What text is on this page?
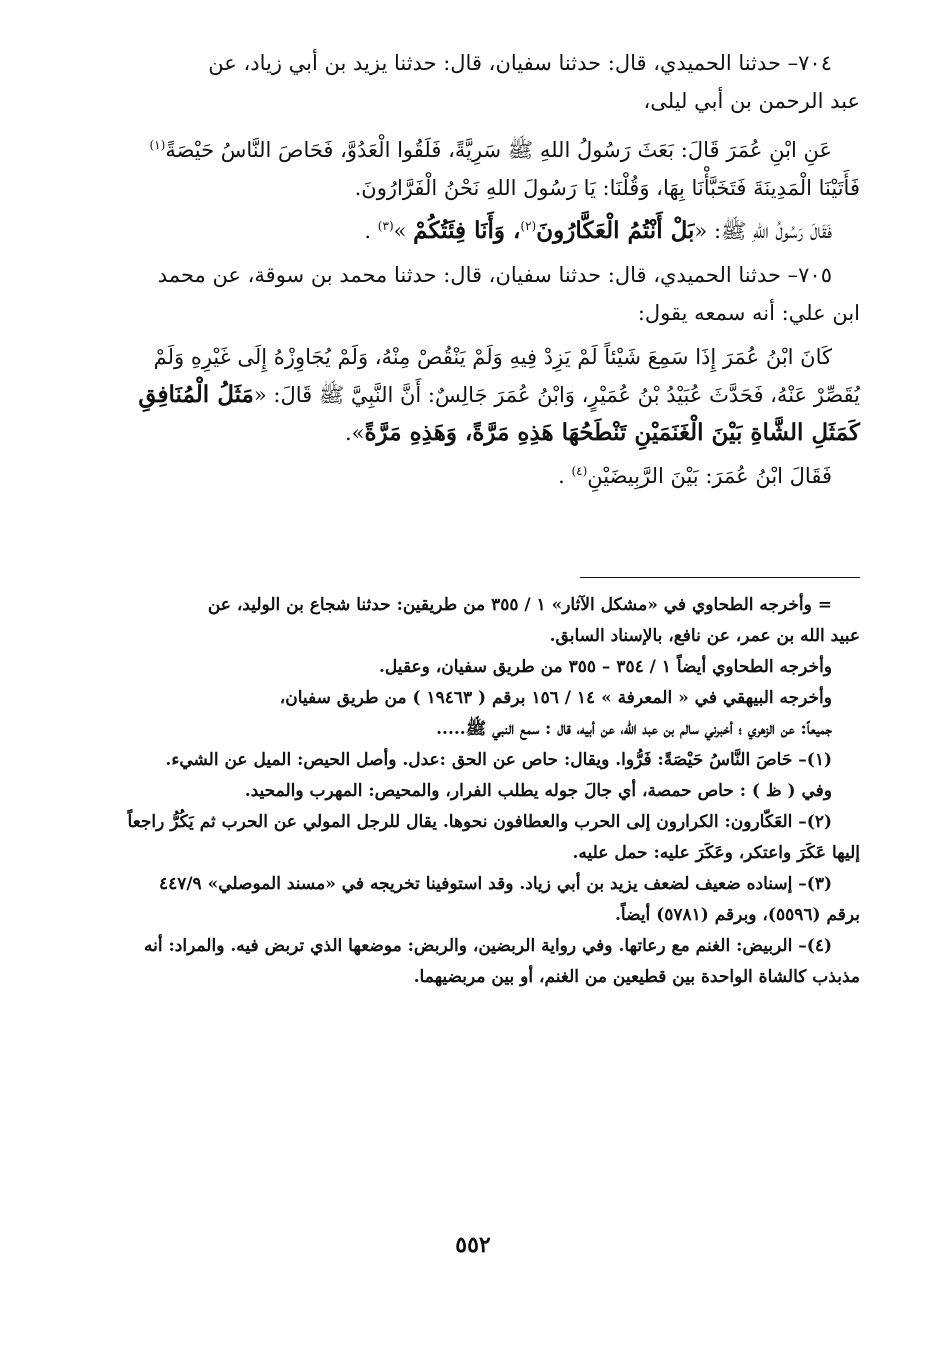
٧٠٤– حدثنا الحميدي، قال: حدثنا سفيان، قال: حدثنا يزيد بن أبي زياد، عن

عبد الرحمن بن أبي ليلى،

عَنِ ابْنِ عُمَرَ قَالَ: بَعَثَ رَسُولُ اللهِ ﷺ سَرِيَّةً، فَلَقُوا الْعَدُوَّ، فَحَاصَ النَّاسُ حَيْصَةً$^{(١)}$

فَأَتَيْنَا الْمَدِينَةَ فَتَخَبَّأْنَا بِهَا، وَقُلْنَا: يَا رَسُولَ اللهِ نَحْنُ الْفَرَّارُونَ.

فَقَالَ رَسُولُ اللهِ ﷺ: «بَلْ أَنْتُمُ الْعَكَّارُونَ$^{(٢)}$، وَأَنَا فِئَتُكُمْ »$^{(٣)}$ .

٧٠٥– حدثنا الحميدي، قال: حدثنا سفيان، قال: حدثنا محمد بن سوقة، عن محمد

ابن علي: أنه سمعه يقول:

كَانَ ابْنُ عُمَرَ إِذَا سَمِعَ شَيْئاً لَمْ يَزِدْ فِيهِ وَلَمْ يَنْقُصْ مِنْهُ، وَلَمْ يُجَاوِزْهُ إِلَى غَيْرِهِ وَلَمْ

يُقَصِّرْ عَنْهُ، فَحَدَّثَ عُبَيْدُ بْنُ عُمَيْرٍ، وَابْنُ عُمَرَ جَالِسٌ: أَنَّ النَّبِيَّ ﷺ قَالَ: «مَثَلُ الْمُنَافِقِ

كَمَثَلِ الشَّاةِ بَيْنَ الْغَنَمَيْنِ تَنْطَحُهَا هَذِهِ مَرَّةً، وَهَذِهِ مَرَّةً».

فَقَالَ ابْنُ عُمَرَ: بَيْنَ الرَّبِيضَيْنِ$^{(٤)}$ .

= وأخرجه الطحاوي في «مشكل الآثار» ١ / ٣٥٥ من طريقين: حدثنا شجاع بن الوليد، عن

عبيد الله بن عمر، عن نافع، بالإسناد السابق.

وأخرجه الطحاوي أيضاً ١ / ٣٥٤ – ٣٥٥ من طريق سفيان، وعقيل.

وأخرجه البيهقي في « المعرفة » ١٤ / ١٥٦ برقم ( ١٩٤٦٣ ) من طريق سفيان،

جميعاً: عن الزهري ؛ أخبرني سالم بن عبد الله، عن أبيه، قال : سمع النبي ﷺ.....

(١)– حَاصَ النَّاسُ حَيْصَةً: فَرُّوا. ويقال: حاص عن الحق :عدل. وأصل الحيص: الميل عن الشيء.

وفي ( ظ ) : حاص حمصة، أي جالَ جوله يطلب الفرار، والمحيص: المهرب والمحيد.

(٢)– العَكّارون: الكرارون إلى الحرب والعطافون نحوها. يقال للرجل المولي عن الحرب ثم يَكُرُّ راجعاً

إليها عَكَرَ واعتكر، وعَكَرَ عليه: حمل عليه.

(٣)– إسناده ضعيف لضعف يزيد بن أبي زياد. وقد استوفينا تخريجه في «مسند الموصلي» ٤٤٧/٩

برقم (٥٥٩٦)، وبرقم (٥٧٨١) أيضاً.

(٤)– الربيض: الغنم مع رعاتها. وفي رواية الربضين، والربض: موضعها الذي تربض فيه. والمراد: أنه

مذبذب كالشاة الواحدة بين قطيعين من الغنم، أو بين مربضيهما.

٥٥٢
